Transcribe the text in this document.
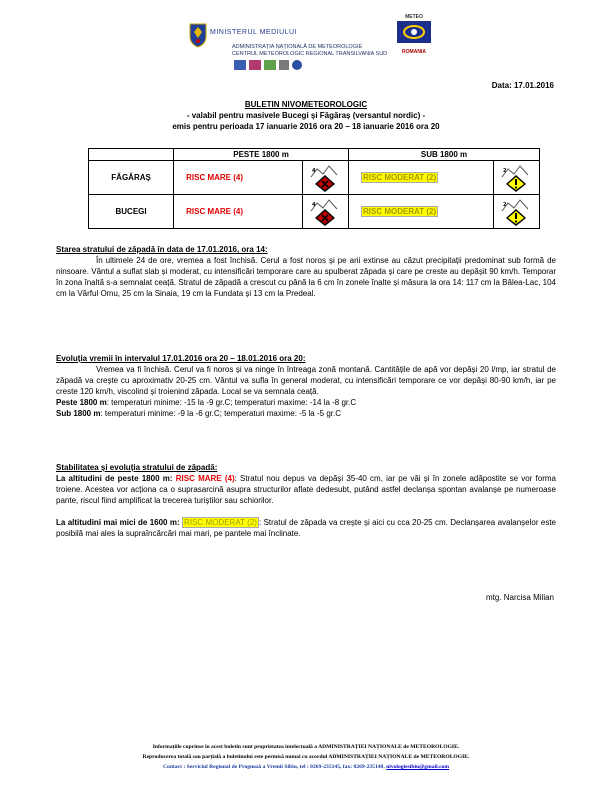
MINISTERUL MEDIULUI
ADMINISTRAȚIA NAȚIONALĂ DE METEOROLOGIE
CENTRUL METEOROLOGIC REGIONAL TRANSILVANIA SUD
METEO
ROMANIA
Data: 17.01.2016
BULETIN NIVOMETEOROLOGIC
- valabil pentru masivele Bucegi și Făgăraș (versantul nordic) -
emis pentru perioada 17 ianuarie 2016 ora 20 – 18 ianuarie 2016 ora 20
	PESTE 1800 m		SUB 1800 m	
FĂGĂRAȘ	RISC MARE (4)	4	RISC MODERAT (2)	2

BUCEGI	RISC MARE (4)	4	RISC MODERAT (2)	2
Starea stratului de zăpadă în data de 17.01.2016, ora 14:
În ultimele 24 de ore, vremea a fost închisă. Cerul a fost noros și pe arii extinse au căzut precipitații predominat sub formă de ninsoare. Vântul a suflat slab și moderat, cu intensificări temporare care au spulberat zăpada și care pe creste au depășit 90 km/h. Temporar în zona înaltă s-a semnalat ceață. Stratul de zăpadă a crescut cu până la 6 cm în zonele înalte și măsura la ora 14: 117 cm la Bâlea-Lac, 104 cm la Vârful Omu, 25 cm la Sinaia, 19 cm la Fundata și 13 cm la Predeal.
Evoluția vremii în intervalul 17.01.2016 ora 20 – 18.01.2016 ora 20:
Vremea va fi închisă. Cerul va fi noros și va ninge în întreaga zonă montană. Cantitățile de apă vor depăși 20 l/mp, iar stratul de zăpadă va crește cu aproximativ 20-25 cm. Vântul va sufla în general moderat, cu intensificări temporare ce vor depăși 80-90 km/h, iar pe creste 120 km/h, viscolind și troienind zăpada. Local se va semnala ceață.
Peste 1800 m: temperaturi minime: -15 la -9 gr.C; temperaturi maxime: -14 la -8 gr.C
Sub 1800 m: temperaturi minime: -9 la -6 gr.C; temperaturi maxime: -5 la -5 gr.C
Stabilitatea și evoluția stratului de zăpadă:
La altitudini de peste 1800 m: RISC MARE (4): Stratul nou depus va depăși 35-40 cm, iar pe văi și în zonele adăpostite se vor forma troiene. Acestea vor acționa ca o suprasarcină asupra structurilor aflate dedesubt, putând astfel declanșa spontan avalanșe pe numeroase pante, riscul fiind amplificat la trecerea turiștilor sau schiorilor.
La altitudini mai mici de 1600 m: RISC MODERAT (2) : Stratul de zăpada va crește și aici cu cca 20-25 cm. Declanșarea avalanșelor este posibilă mai ales la supraîncărcări mai mari, pe pantele mai înclinate.
mtg. Narcisa Milian
Informațiile cuprinse în acest buletin sunt proprietatea intelectuală a ADMINISTRAȚIEI NAȚIONALE de METEOROLOGIE.
Reproducerea totală sau parțială a buletinului este permisă numai cu acordul ADMINISTRAȚIEI NAȚIONALE de METEOROLOGIE.
Contact : Serviciul Regional de Prognoză a Vremii Sibiu, tel : 0269-235145, fax: 0269-235148, nivologiesibiu@gmail.com
